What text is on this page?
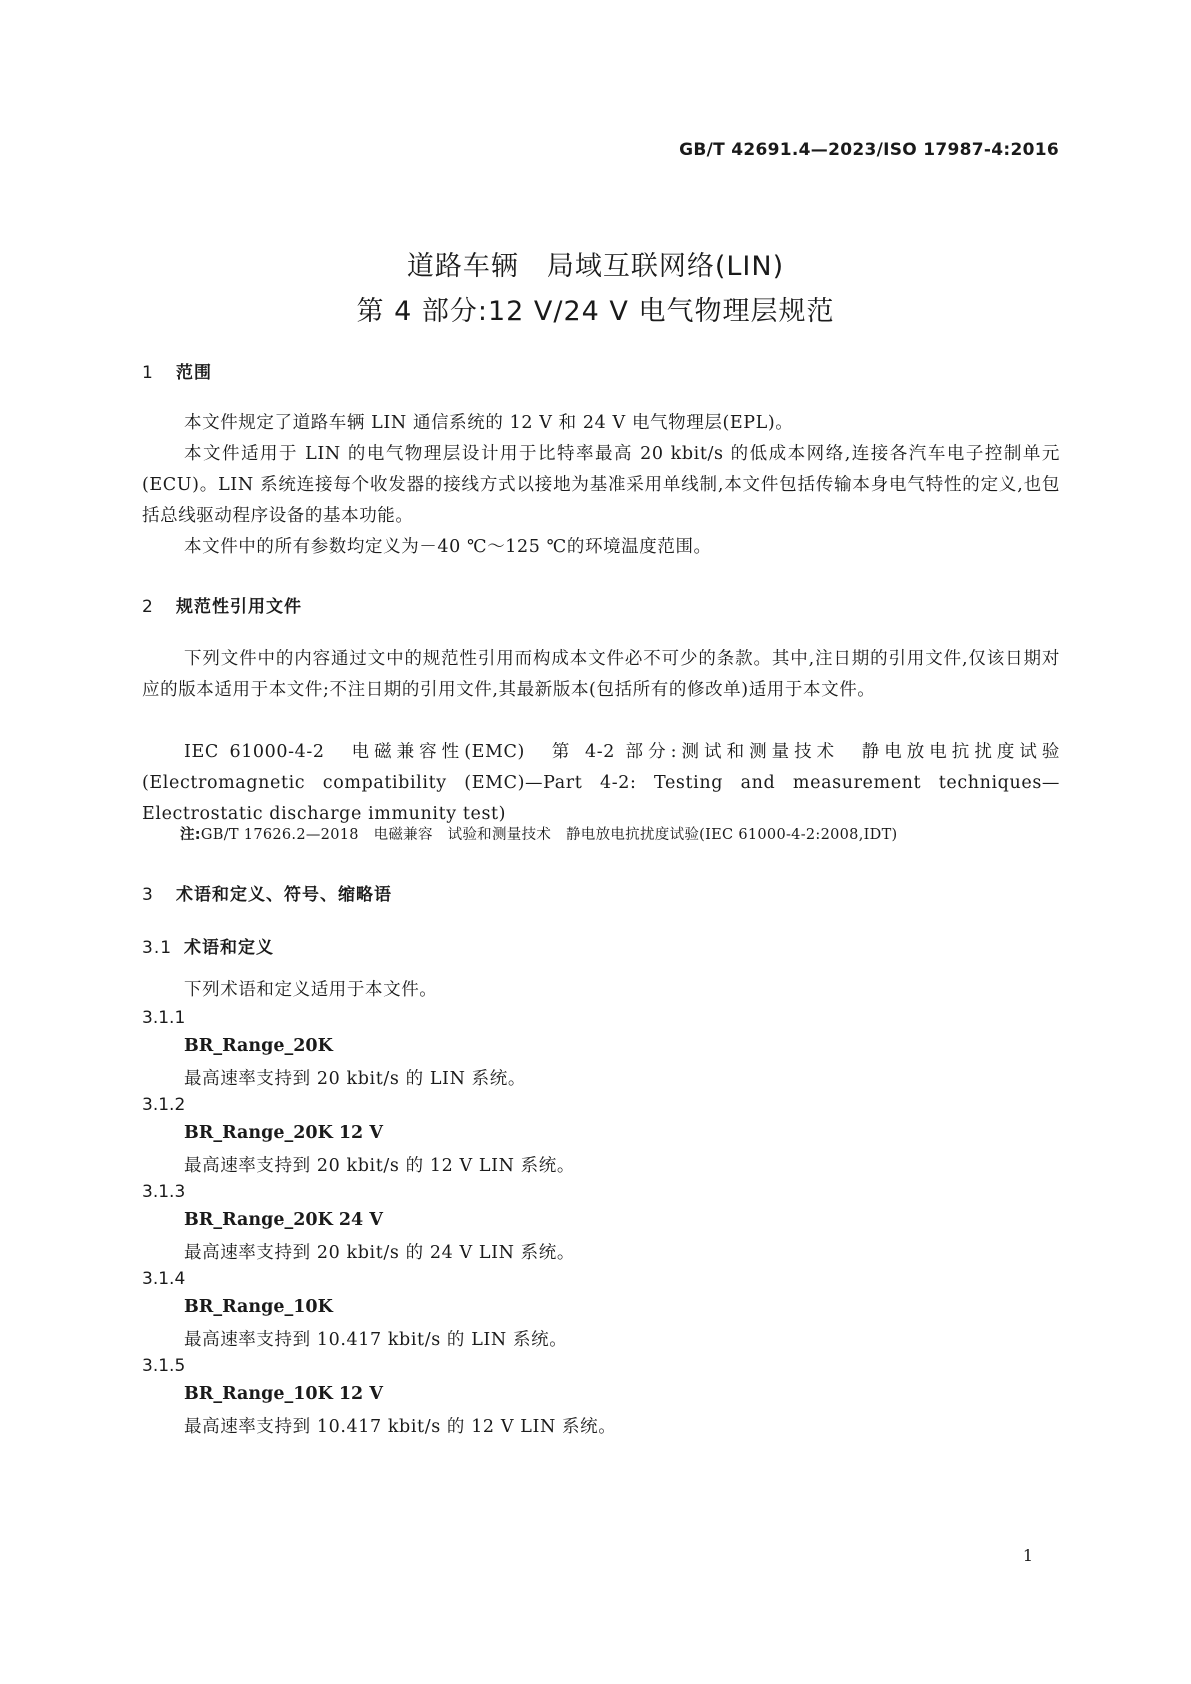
GB/T 42691.4—2023/ISO 17987-4:2016
道路车辆　局域互联网络(LIN)
第 4 部分:12 V/24 V 电气物理层规范
1 范围
本文件规定了道路车辆 LIN 通信系统的 12 V 和 24 V 电气物理层(EPL)。
本文件适用于 LIN 的电气物理层设计用于比特率最高 20 kbit/s 的低成本网络,连接各汽车电子控制单元(ECU)。LIN 系统连接每个收发器的接线方式以接地为基准采用单线制,本文件包括传输本身电气特性的定义,也包括总线驱动程序设备的基本功能。
本文件中的所有参数均定义为－40 ℃～125 ℃的环境温度范围。
2 规范性引用文件
下列文件中的内容通过文中的规范性引用而构成本文件必不可少的条款。其中,注日期的引用文件,仅该日期对应的版本适用于本文件;不注日期的引用文件,其最新版本(包括所有的修改单)适用于本文件。
IEC 61000-4-2　电磁兼容性(EMC)　第 4-2 部分:测试和测量技术　静电放电抗扰度试验(Electromagnetic compatibility (EMC)—Part 4-2: Testing and measurement techniques—Electrostatic discharge immunity test)
注:GB/T 17626.2—2018　电磁兼容　试验和测量技术　静电放电抗扰度试验(IEC 61000-4-2:2008,IDT)
3 术语和定义、符号、缩略语
3.1 术语和定义
下列术语和定义适用于本文件。
3.1.1
BR_Range_20K
最高速率支持到 20 kbit/s 的 LIN 系统。
3.1.2
BR_Range_20K 12 V
最高速率支持到 20 kbit/s 的 12 V LIN 系统。
3.1.3
BR_Range_20K 24 V
最高速率支持到 20 kbit/s 的 24 V LIN 系统。
3.1.4
BR_Range_10K
最高速率支持到 10.417 kbit/s 的 LIN 系统。
3.1.5
BR_Range_10K 12 V
最高速率支持到 10.417 kbit/s 的 12 V LIN 系统。
1
